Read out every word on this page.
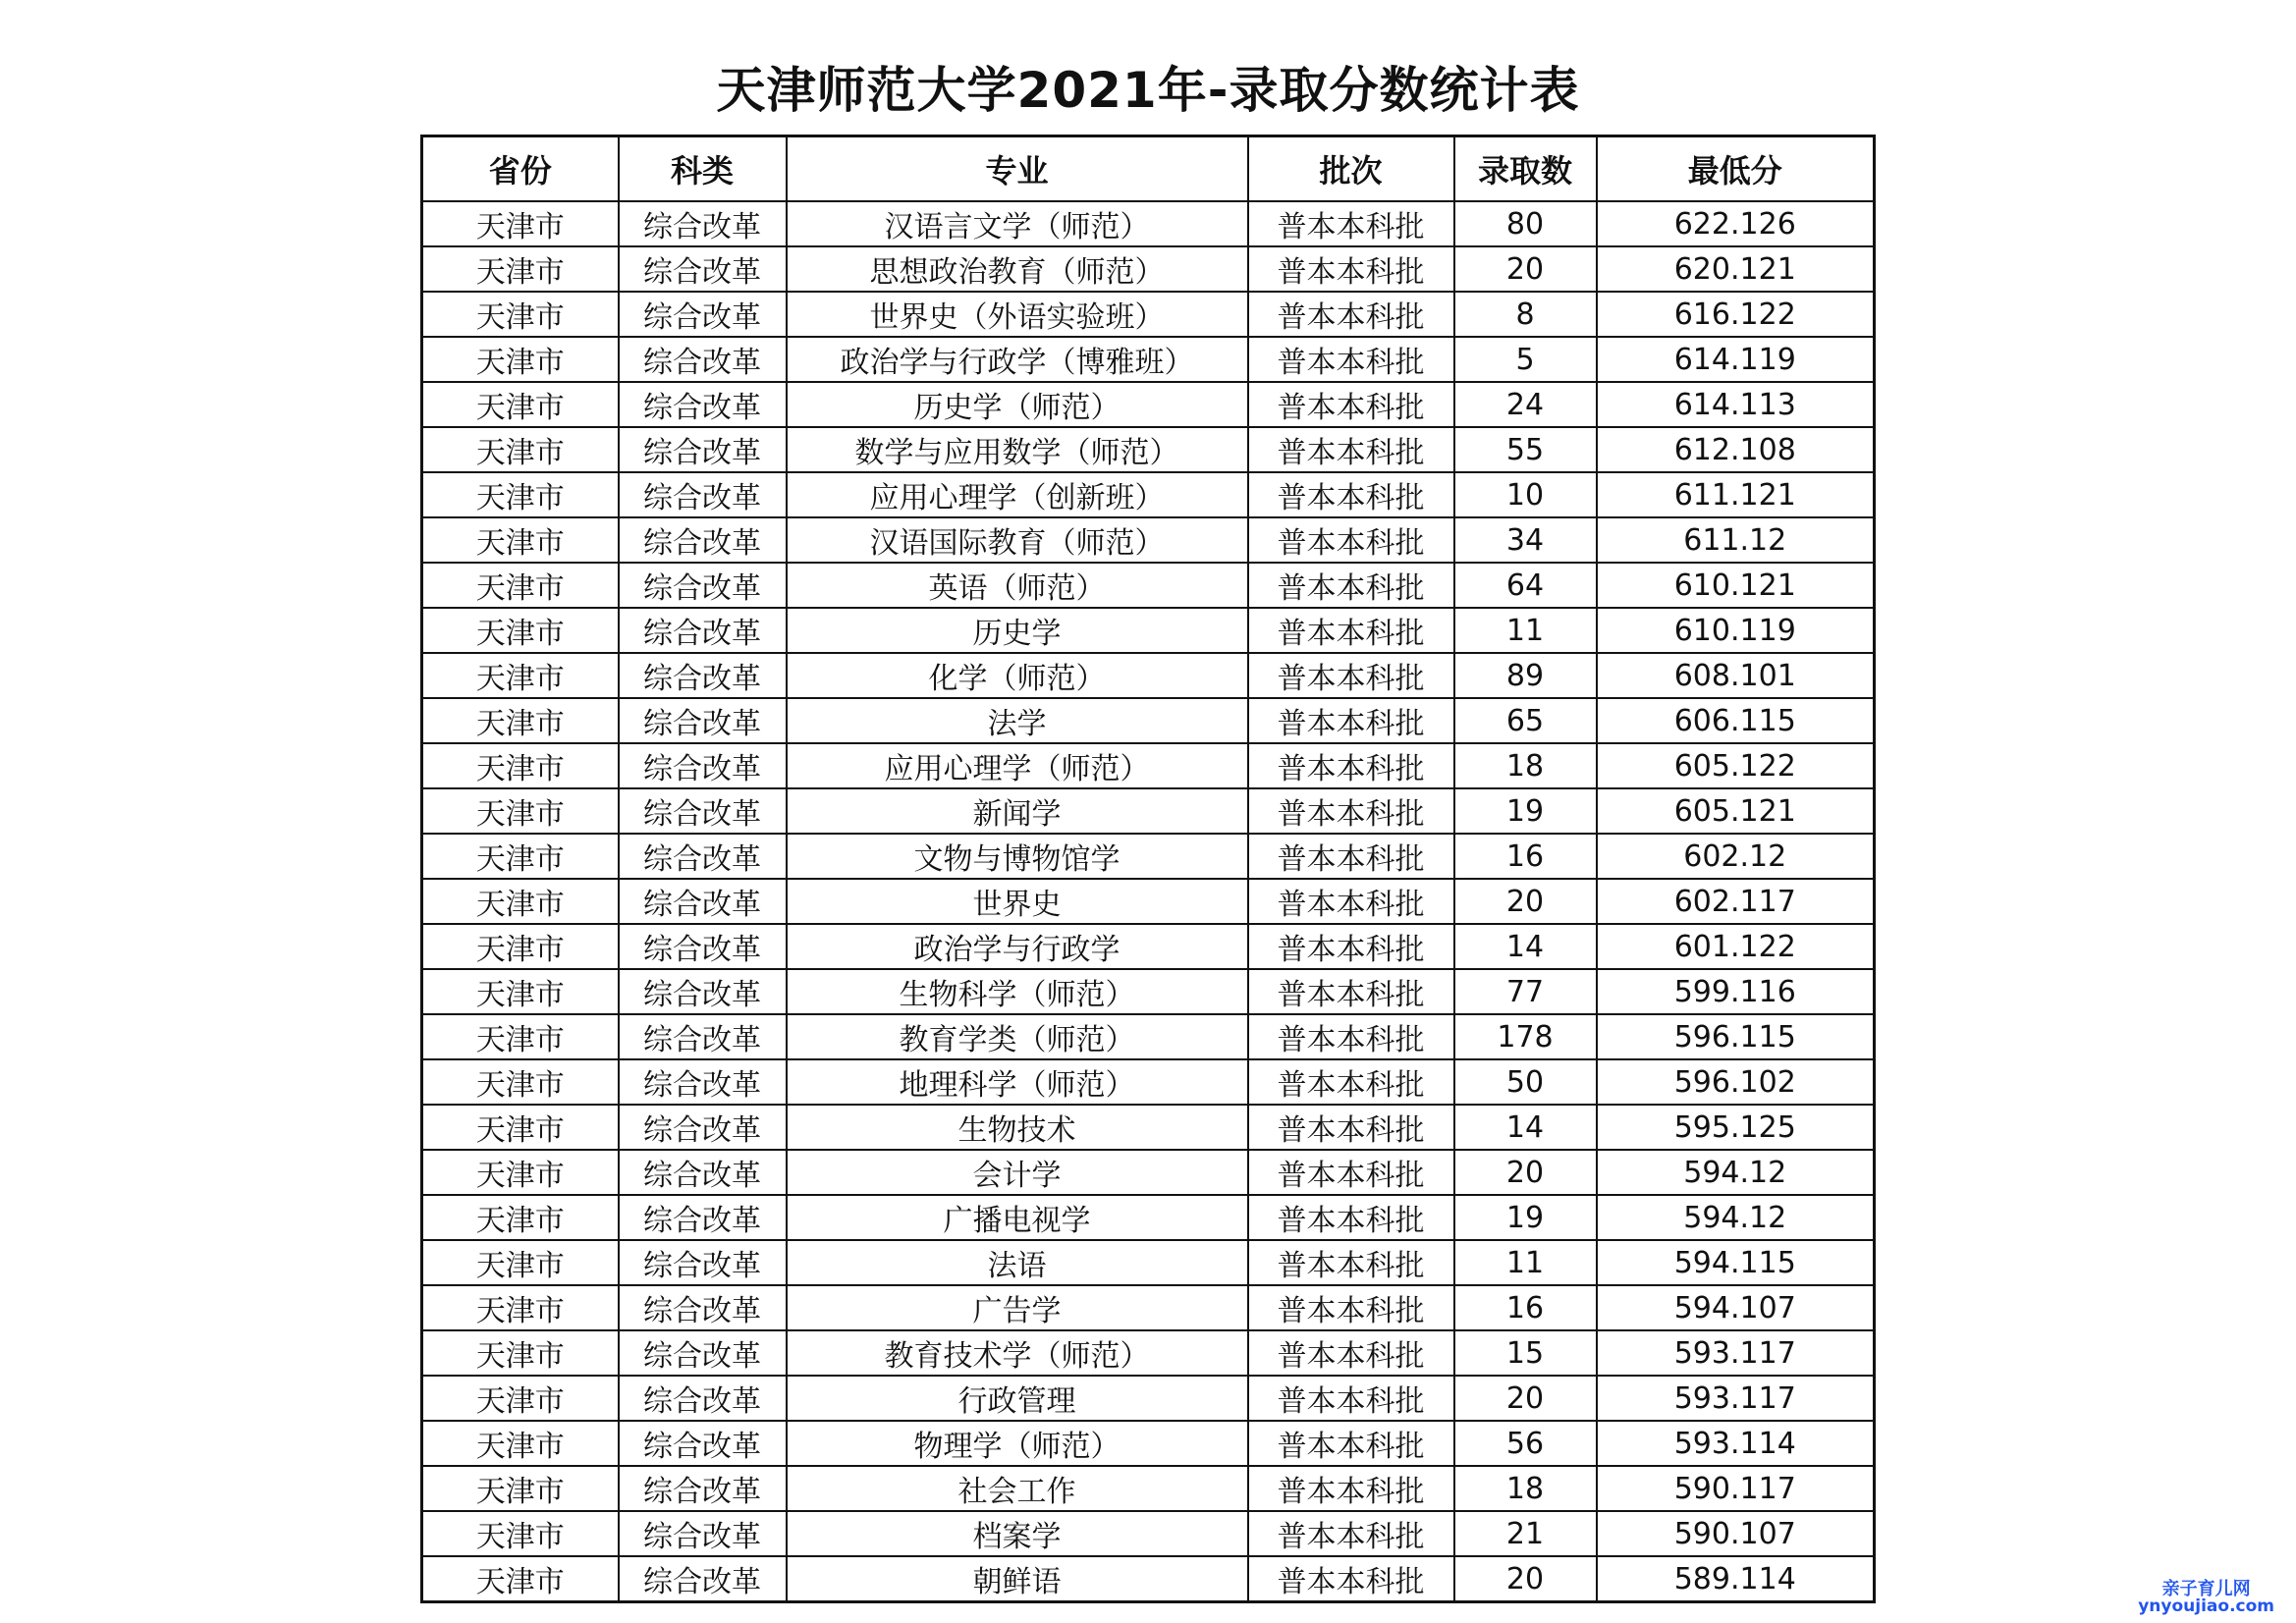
天津师范大学2021年-录取分数统计表
省份	科类	专业	批次	录取数	最低分
天津市	综合改革	汉语言文学（师范）	普本本科批	80	622.126
天津市	综合改革	思想政治教育（师范）	普本本科批	20	620.121
天津市	综合改革	世界史（外语实验班）	普本本科批	8	616.122
天津市	综合改革	政治学与行政学（博雅班）	普本本科批	5	614.119
天津市	综合改革	历史学（师范）	普本本科批	24	614.113
天津市	综合改革	数学与应用数学（师范）	普本本科批	55	612.108
天津市	综合改革	应用心理学（创新班）	普本本科批	10	611.121
天津市	综合改革	汉语国际教育（师范）	普本本科批	34	611.12
天津市	综合改革	英语（师范）	普本本科批	64	610.121
天津市	综合改革	历史学	普本本科批	11	610.119
天津市	综合改革	化学（师范）	普本本科批	89	608.101
天津市	综合改革	法学	普本本科批	65	606.115
天津市	综合改革	应用心理学（师范）	普本本科批	18	605.122
天津市	综合改革	新闻学	普本本科批	19	605.121
天津市	综合改革	文物与博物馆学	普本本科批	16	602.12
天津市	综合改革	世界史	普本本科批	20	602.117
天津市	综合改革	政治学与行政学	普本本科批	14	601.122
天津市	综合改革	生物科学（师范）	普本本科批	77	599.116
天津市	综合改革	教育学类（师范）	普本本科批	178	596.115
天津市	综合改革	地理科学（师范）	普本本科批	50	596.102
天津市	综合改革	生物技术	普本本科批	14	595.125
天津市	综合改革	会计学	普本本科批	20	594.12
天津市	综合改革	广播电视学	普本本科批	19	594.12
天津市	综合改革	法语	普本本科批	11	594.115
天津市	综合改革	广告学	普本本科批	16	594.107
天津市	综合改革	教育技术学（师范）	普本本科批	15	593.117
天津市	综合改革	行政管理	普本本科批	20	593.117
天津市	综合改革	物理学（师范）	普本本科批	56	593.114
天津市	综合改革	社会工作	普本本科批	18	590.117
天津市	综合改革	档案学	普本本科批	21	590.107
天津市	综合改革	朝鲜语	普本本科批	20	589.114	亲子育儿网
ynyoujiao.com
